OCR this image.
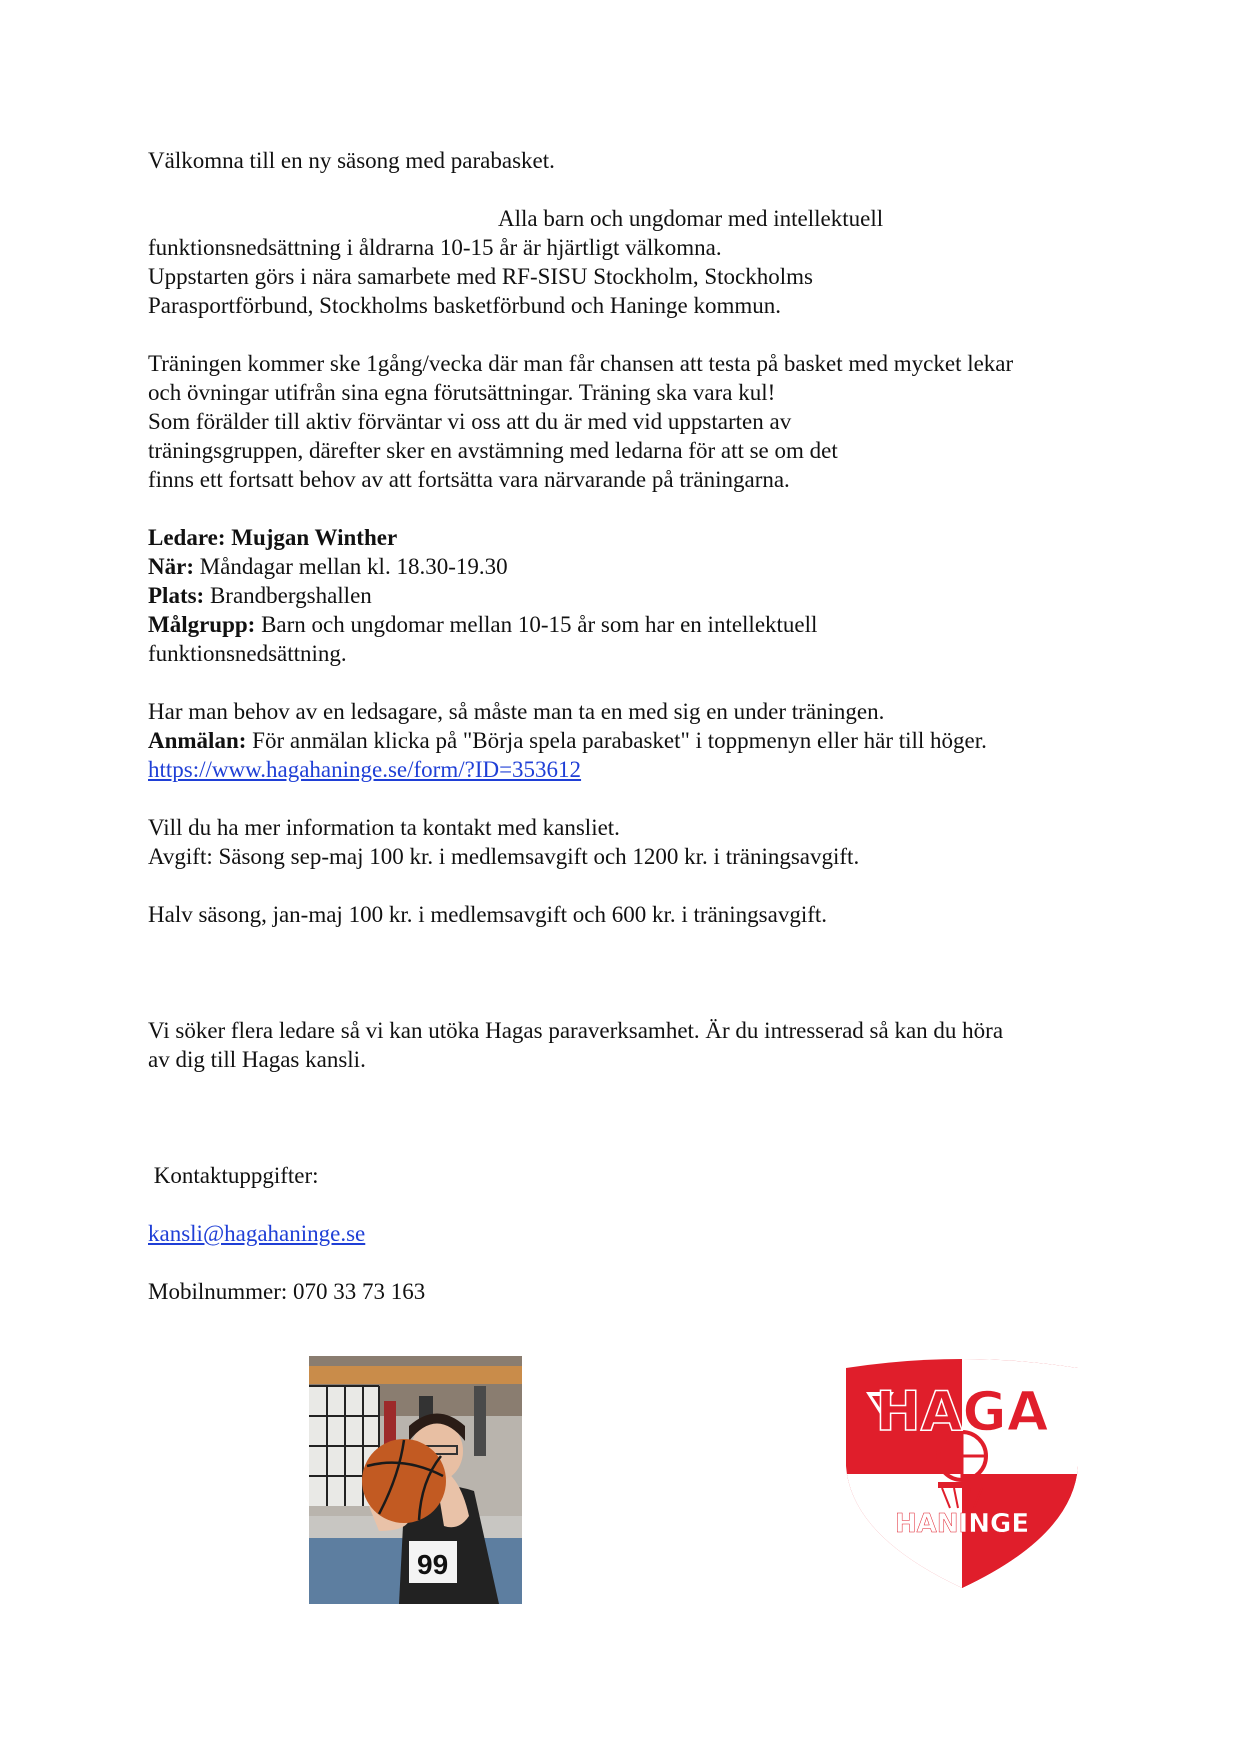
Välkomna till en ny säsong med parabasket.
Alla barn och ungdomar med intellektuell
funktionsnedsättning i åldrarna 10-15 år är hjärtligt välkomna.
Uppstarten görs i nära samarbete med RF-SISU Stockholm, Stockholms
Parasportförbund, Stockholms basketförbund och Haninge kommun.
Träningen kommer ske 1gång/vecka där man får chansen att testa på basket med mycket lekar
och övningar utifrån sina egna förutsättningar. Träning ska vara kul!
Som förälder till aktiv förväntar vi oss att du är med vid uppstarten av
träningsgruppen, därefter sker en avstämning med ledarna för att se om det
finns ett fortsatt behov av att fortsätta vara närvarande på träningarna.
Ledare: Mujgan Winther
När: Måndagar mellan kl. 18.30-19.30
Plats: Brandbergshallen
Målgrupp: Barn och ungdomar mellan 10-15 år som har en intellektuell
funktionsnedsättning.
Har man behov av en ledsagare, så måste man ta en med sig en under träningen.
Anmälan: För anmälan klicka på "Börja spela parabasket" i toppmenyn eller här till höger.
https://www.hagahaninge.se/form/?ID=353612
Vill du ha mer information ta kontakt med kansliet.
Avgift: Säsong sep-maj 100 kr. i medlemsavgift och 1200 kr. i träningsavgift.
Halv säsong, jan-maj 100 kr. i medlemsavgift och 600 kr. i träningsavgift.
Vi söker flera ledare så vi kan utöka Hagas paraverksamhet. Är du intresserad så kan du höra
av dig till Hagas kansli.
Kontaktuppgifter:
kansli@hagahaninge.se
Mobilnummer: 070 33 73 163
99
HAGA
HANINGE
